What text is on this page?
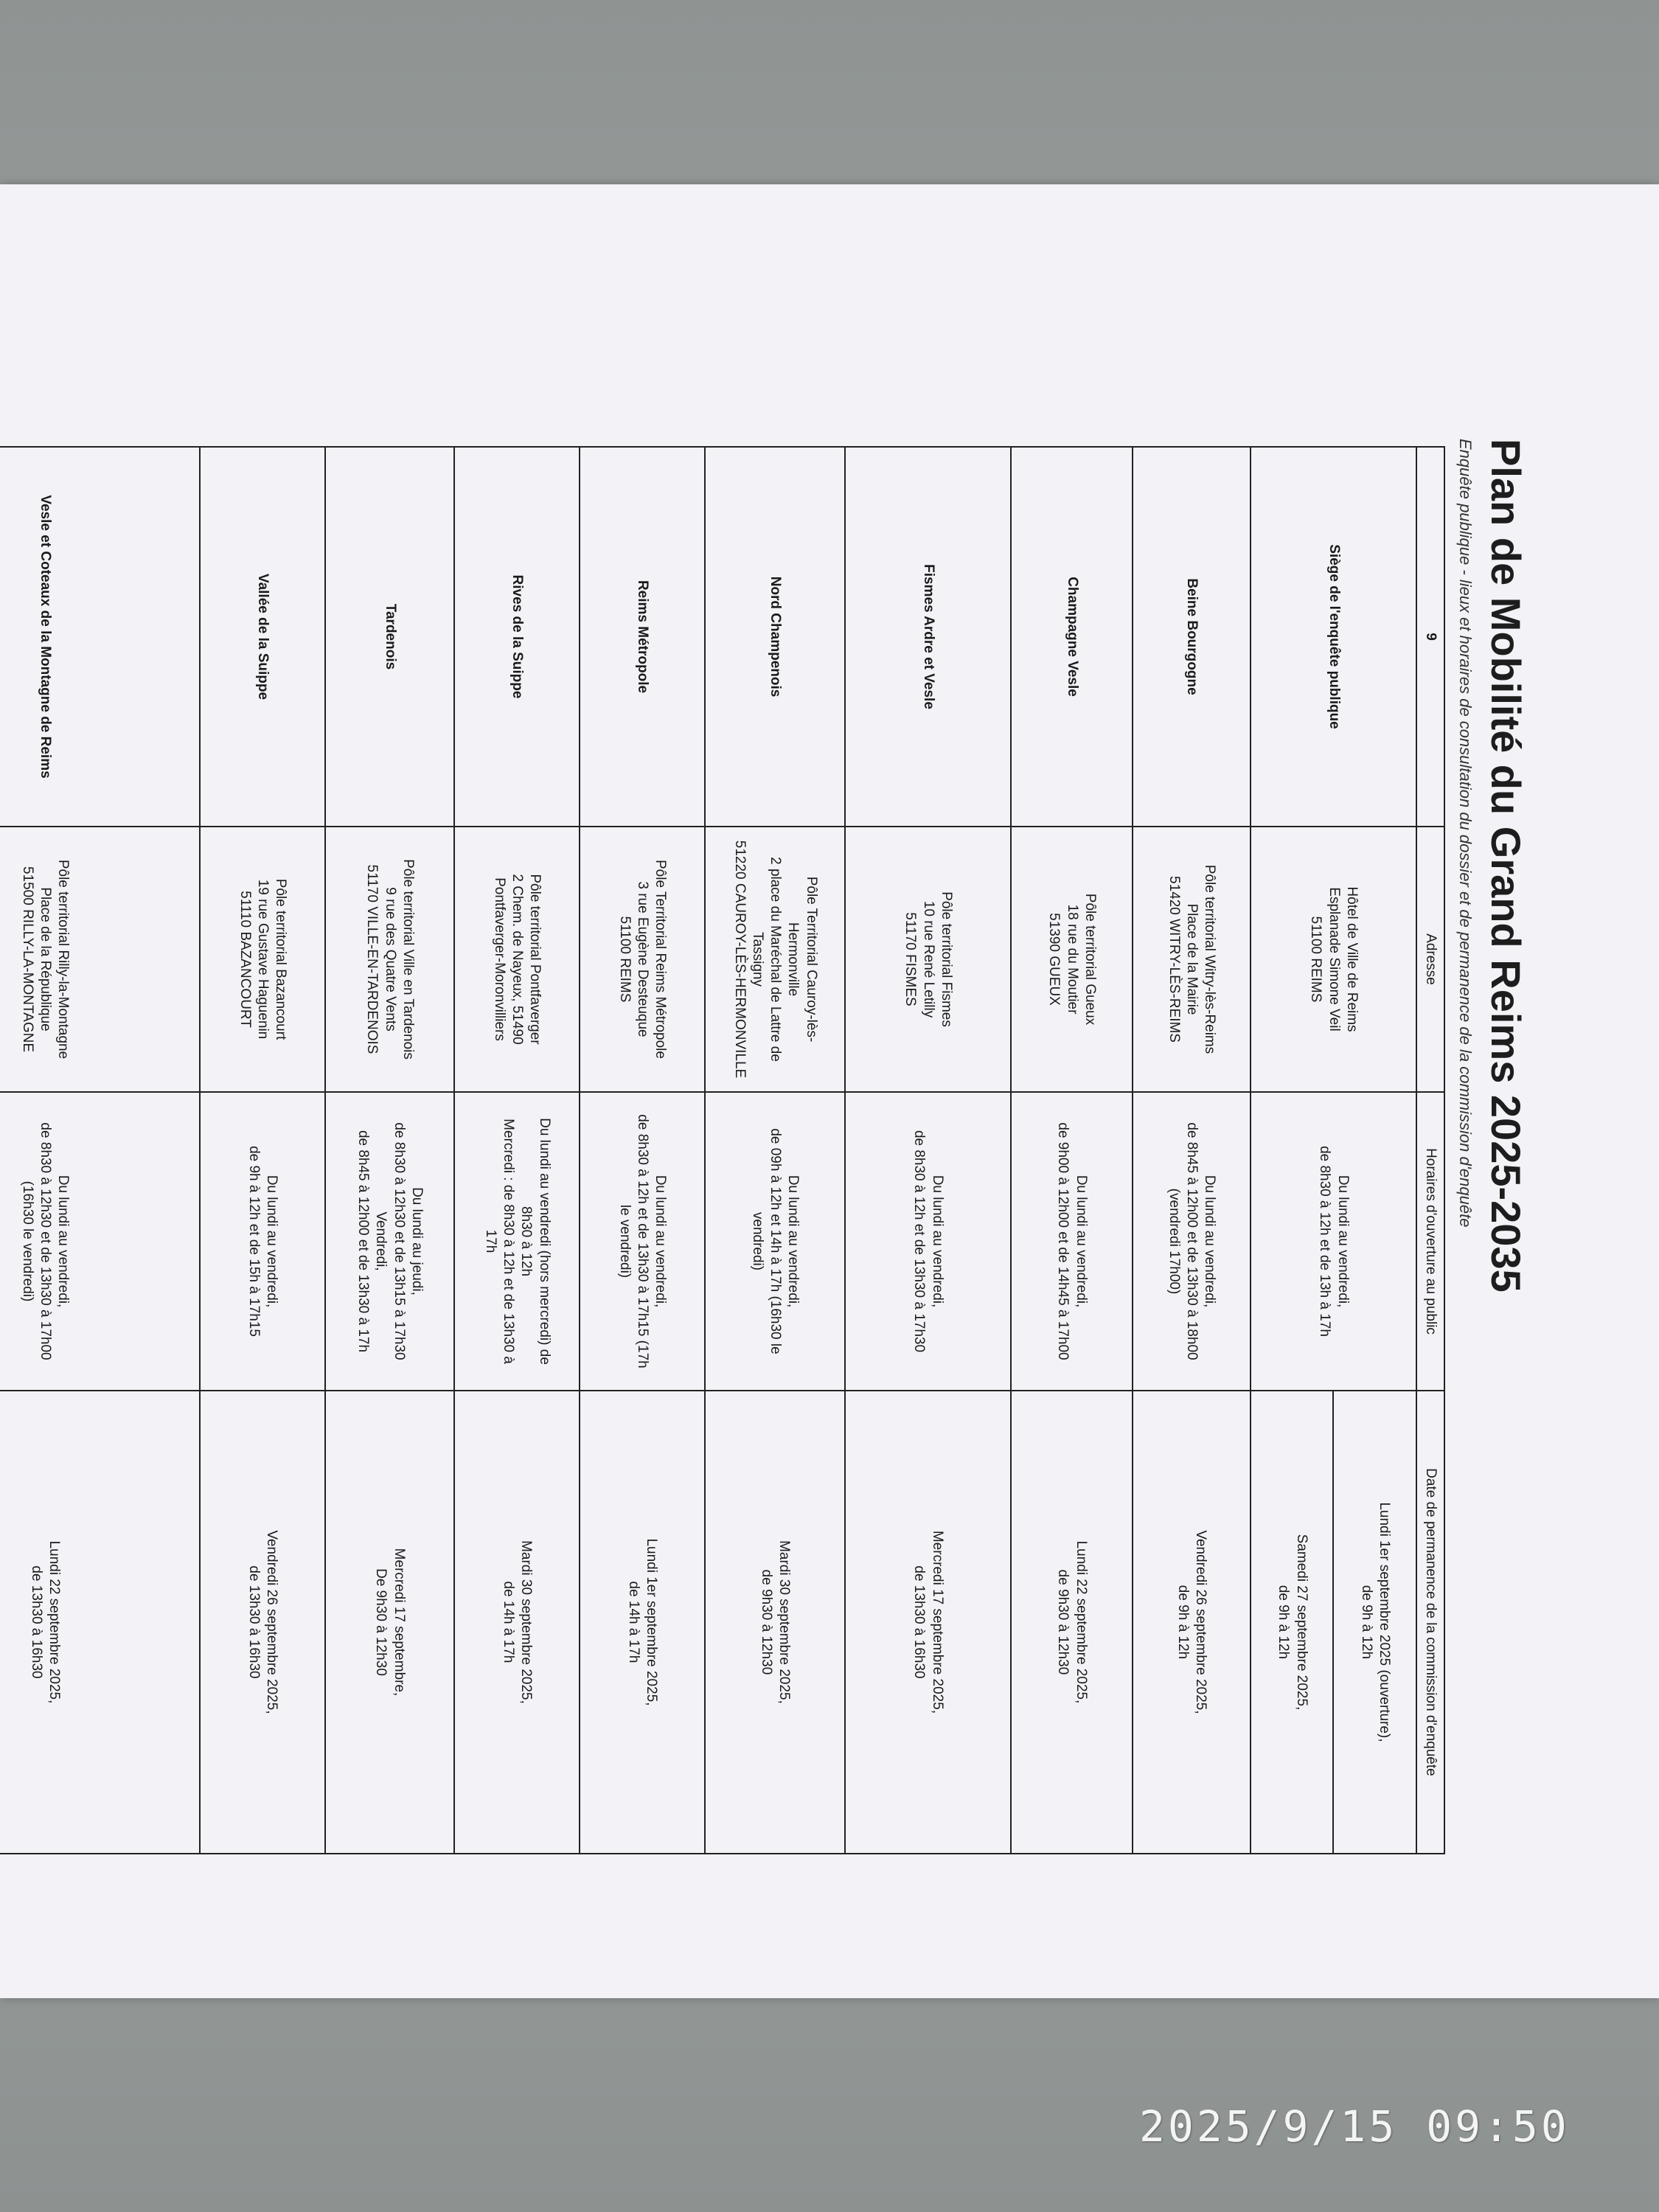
Plan de Mobilité du Grand Reims 2025-2035

Enquête publique - lieux et horaires de consultation du dossier et de permanence de la commission d'enquête

9
Adresse
Horaires d'ouverture au public
Date de permanence de la commission d'enquête
Siège de l'enquête publique
Hôtel de Ville de Reims
Esplanade Simone Veil
51100 REIMS
Du lundi au vendredi,
de 8h30 à 12h et de 13h à 17h
Lundi 1er septembre 2025 (ouverture),
de 9h à 12h
Samedi 27 septembre 2025,
de 9h à 12h
Beine Bourgogne
Pôle territorial Witry-lès-Reims
Place de la Mairie
51420 WITRY-LÈS-REIMS
Du lundi au vendredi,
de 8h45 à 12h00 et de 13h30 à 18h00
(vendredi 17h00)
Vendredi 26 septembre 2025,
de 9h à 12h
Champagne Vesle
Pôle territorial Gueux
18 rue du Moutier
51390 GUEUX
Du lundi au vendredi,
de 9h00 à 12h00 et de 14h45 à 17h00
Lundi 22 septembre 2025,
de 9h30 à 12h30
Fismes Ardre et Vesle
Pôle territorial Fismes
10 rue René Letilly
51170 FISMES
Du lundi au vendredi,
de 8h30 à 12h et de 13h30 à 17h30
Mercredi 17 septembre 2025,
de 13h30 à 16h30
Nord Champenois
Pôle Territorial Cauroy-lès-
Hermonville
2 place du Maréchal de Lattre de
Tassigny
51220 CAUROY-LÈS-HERMONVILLE
Du lundi au vendredi,
de 09h à 12h et 14h à 17h (16h30 le
vendredi)
Mardi 30 septembre 2025,
de 9h30 à 12h30
Reims Métropole
Pôle Territorial Reims Métropole
3 rue Eugène Desteuque
51100 REIMS
Du lundi au vendredi,
de 8h30 à 12h et de 13h30 à 17h15 (17h
le vendredi)
Lundi 1er septembre 2025,
de 14h à 17h
Rives de la Suippe
Pôle territorial Pontfaverger
2 Chem. de Nayeux, 51490
Pontfaverger-Moronvilliers
Du lundi au vendredi (hors mercredi) de
8h30 à 12h
Mercredi : de 8h30 à 12h et de 13h30 à
17h
Mardi 30 septembre 2025,
de 14h à 17h
Tardenois
Pôle territorial Ville en Tardenois
9 rue des Quatre Vents
51170 VILLE-EN-TARDENOIS
Du lundi au jeudi,
de 8h30 à 12h30 et de 13h15 à 17h30
Vendredi,
de 8h45 à 12h00 et de 13h30 à 17h
Mercredi 17 septembre,
De 9h30 à 12h30
Vallée de la Suippe
Pôle territorial Bazancourt
19 rue Gustave Haguenin
51110 BAZANCOURT
Du lundi au vendredi,
de 9h à 12h et de 15h à 17h15
Vendredi 26 septembre 2025,
de 13h30 à 16h30
Vesle et Coteaux de la Montagne de Reims
Pôle territorial Rilly-la-Montagne
Place de la République
51500 RILLY-LA-MONTAGNE
Du lundi au vendredi,
de 8h30 à 12h30 et de 13h30 à 17h00
(16h30 le vendredi)
Lundi 22 septembre 2025,
de 13h30 à 16h30
2025/9/15 09:50
